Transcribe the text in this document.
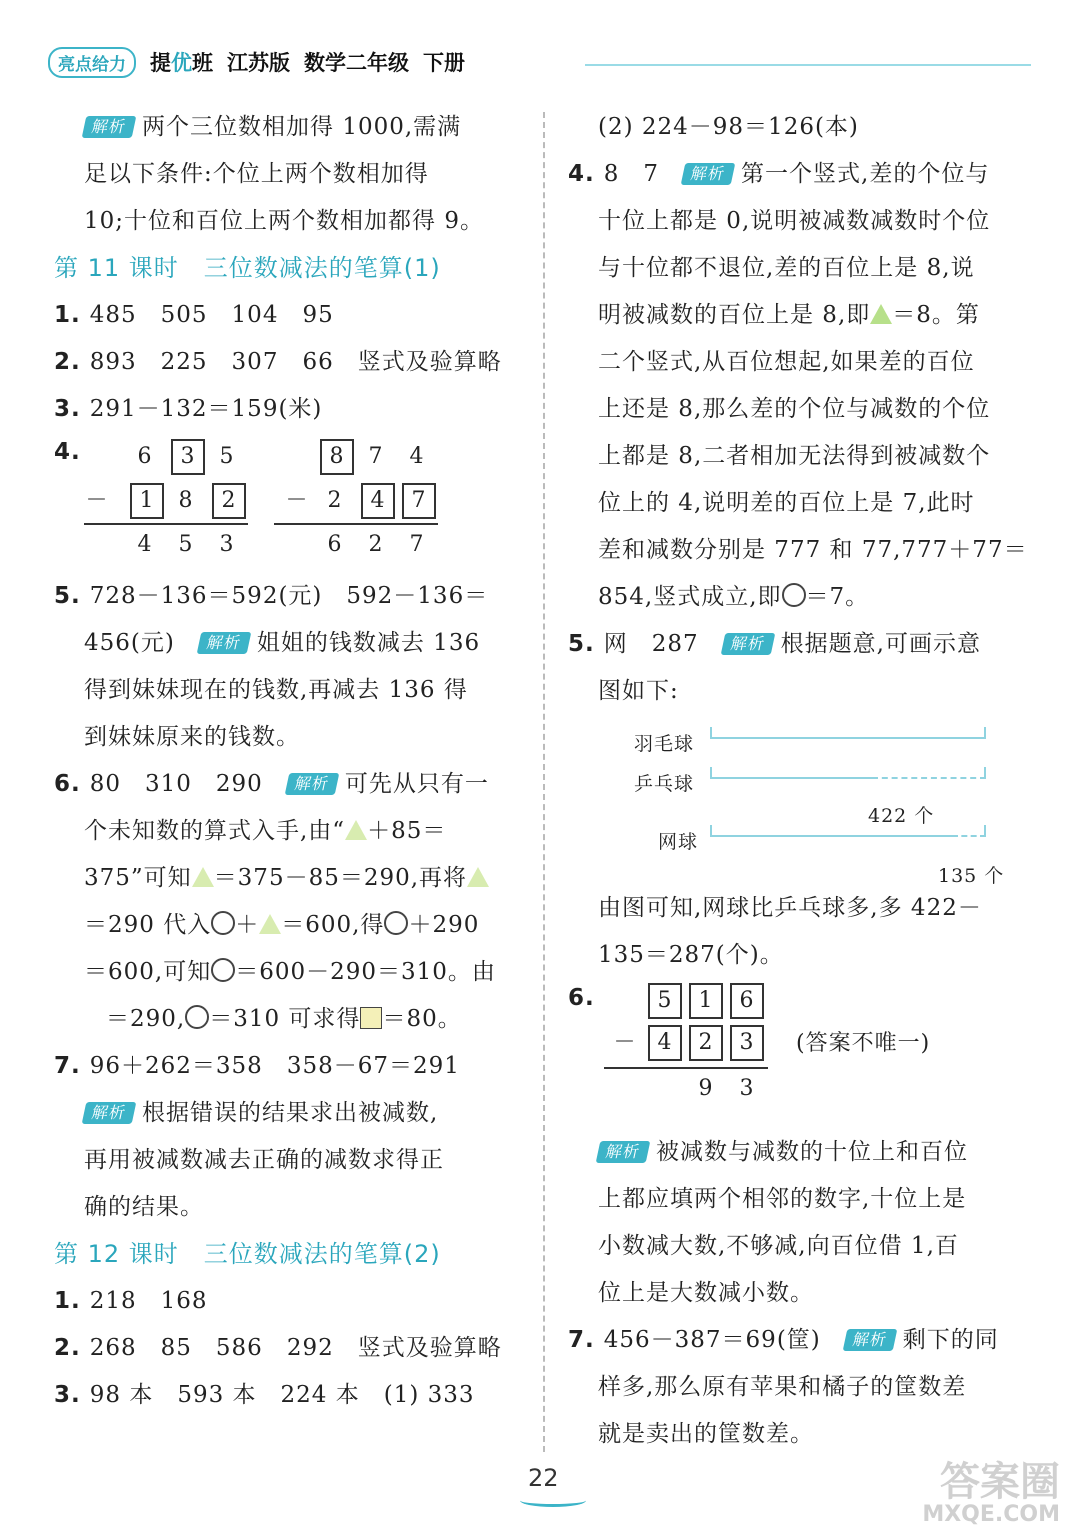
亮点给力	提优班 江苏版 数学二年级 下册
解析 两个三位数相加得 1000,需满
足以下条件:个位上两个数相加得
10;十位和百位上两个数相加都得 9。
第 11 课时　三位数减法的笔算(1)
1. 485　505　104　95
2. 893　225　307　66　竖式及验算略
3. 291－132＝159(米)
4.	6	3	5
－	1	8	2
4	5	3
8	7	4
－ 2	4	7
6	2	7
5. 728－136＝592(元)　592－136＝
456(元)　 解析 姐姐的钱数减去 136
得到妹妹现在的钱数,再减去 136 得
到妹妹原来的钱数。
6. 80　310　290　 解析 可先从只有一
个未知数的算式入手,由“ ＋85＝
375”可知 ＝375－85＝290,再将
＝290 代入 ＋ ＝600,得 ＋290
＝600,可知 ＝600－290＝310。由
＝290, ＝310 可求得 ＝80。
7. 96＋262＝358　358－67＝291
解析 根据错误的结果求出被减数,
再用被减数减去正确的减数求得正
确的结果。
第 12 课时　三位数减法的笔算(2)
1. 218　168
2. 268　85　586　292　竖式及验算略
3. 98 本　593 本　224 本　(1) 333
(2) 224－98＝126(本)
4. 8　7　 解析 第一个竖式,差的个位与
十位上都是 0,说明被减数减数时个位
与十位都不退位,差的百位上是 8,说
明被减数的百位上是 8,即 ＝8。第
二个竖式,从百位想起,如果差的百位
上还是 8,那么差的个位与减数的个位
上都是 8,二者相加无法得到被减数个
位上的 4,说明差的百位上是 7,此时
差和减数分别是 777 和 77,777＋77＝
854,竖式成立,即 ＝7。
5. 网　287　 解析 根据题意,可画示意
图如下:
羽毛球
乒乓球
422 个
网球
135 个
由图可知,网球比乒乓球多,多 422－
135＝287(个)。
6.	5	1	6
－ 4	2	3
9	3
(答案不唯一)
解析 被减数与减数的十位上和百位
上都应填两个相邻的数字,十位上是
小数减大数,不够减,向百位借 1,百
位上是大数减小数。
7. 456－387＝69(筐)　 解析 剩下的同
样多,那么原有苹果和橘子的筐数差
就是卖出的筐数差。
22	答案圈
MXQE.COM
